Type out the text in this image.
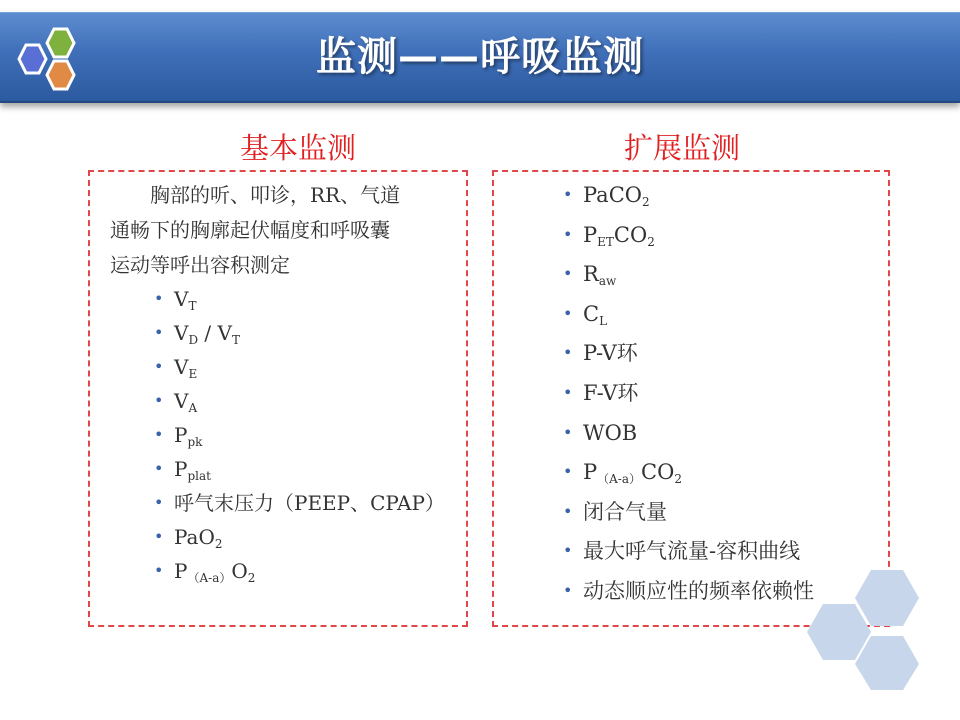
监测——呼吸监测
基本监测	扩展监测
胸部的听、叩诊，RR、气道
通畅下的胸廓起伏幅度和呼吸囊
运动等呼出容积测定
• $V_T$
• $V_D / V_T$
• $V_E$
• $V_A$
• $P_{pk}$
• $P_{plat}$
• 呼气末压力（PEEP、CPAP）
• PaO$_2$
• $P_{(A-a)}O_2$
• PaCO$_2$
• $P_{ET}CO_2$
• $R_{aw}$
• $C_L$
• P-V环
• F-V环
• WOB
• $P_{(A-a)}CO_2$
• 闭合气量
• 最大呼气流量-容积曲线
• 动态顺应性的频率依赖性
